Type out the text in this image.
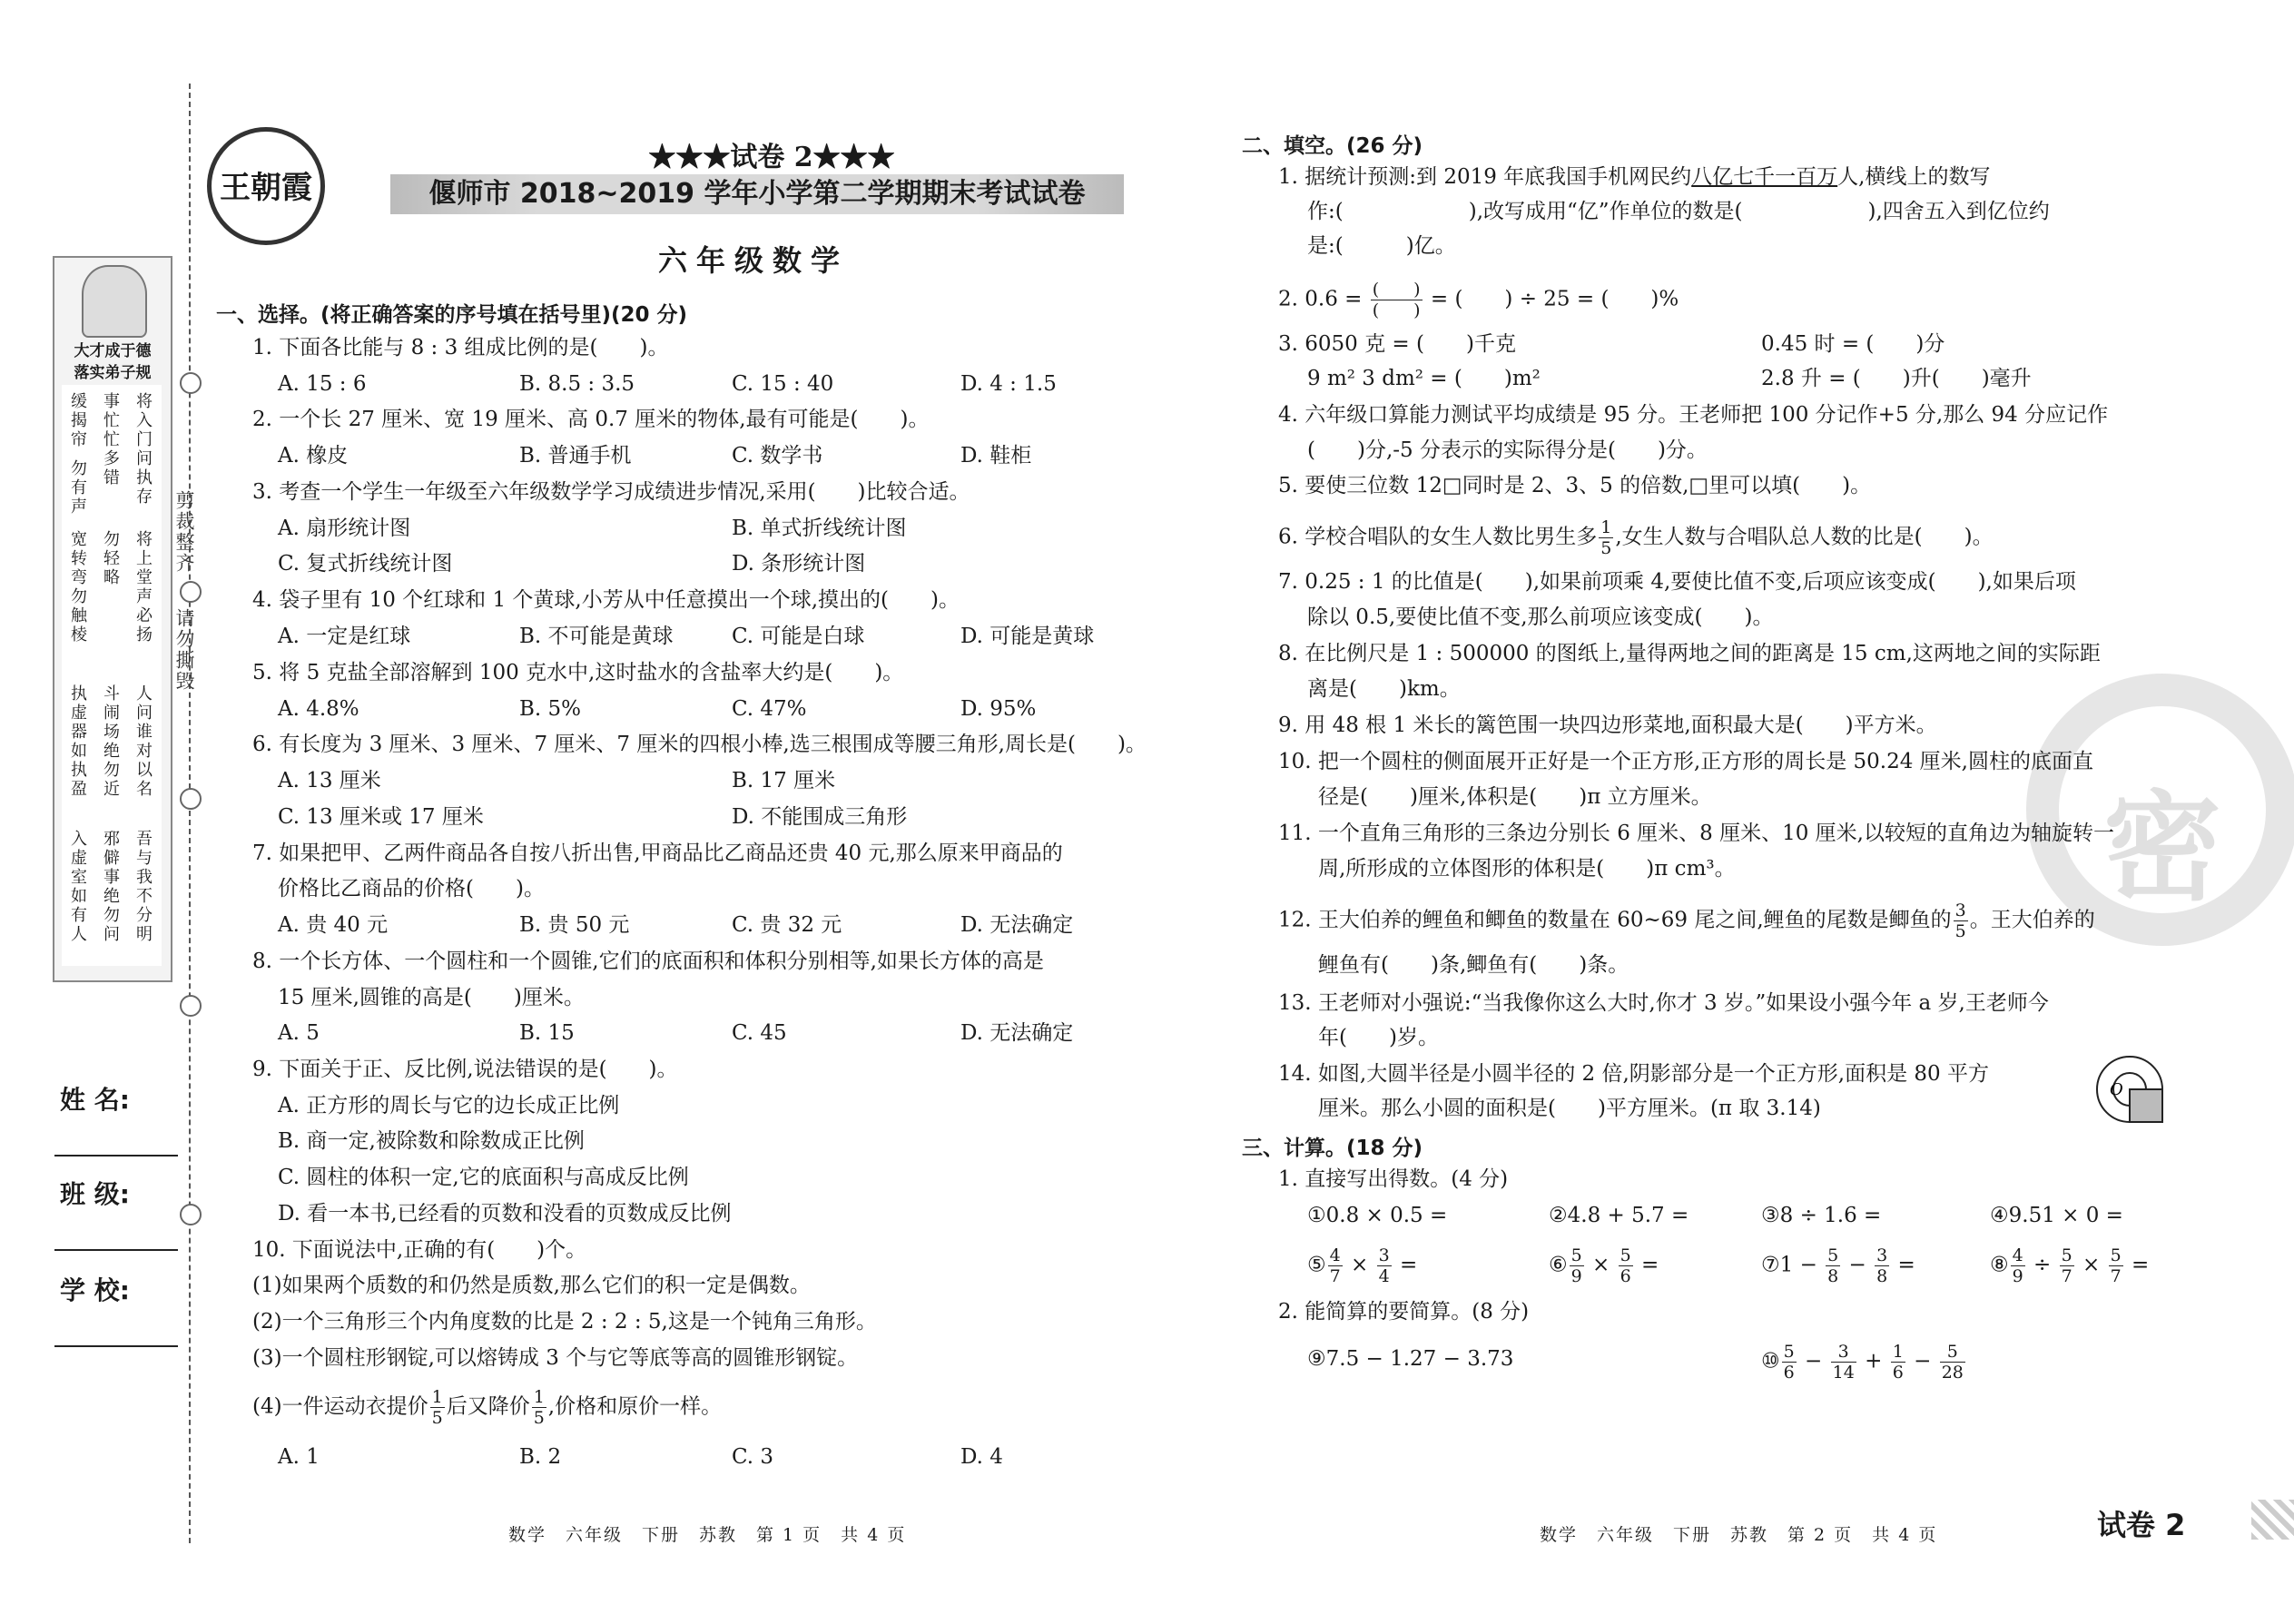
剪裁整齐
请勿撕毁
大才成于德
落实弟子规
将入门问执存
事忙忙多错
缓揭帘
勿有声
将上堂声必扬
勿轻略
宽转弯勿触棱
人问谁对以名
斗闹场绝勿近
执虚器如执盈
吾与我不分明
邪僻事绝勿问
入虚室如有人
姓 名:
班 级:
学 校:
王朝霞
★★★试卷 2★★★
偃师市 2018~2019 学年小学第二学期期末考试试卷
六年级数学
一、选择。(将正确答案的序号填在括号里)(20 分)
1. 下面各比能与 8 : 3 组成比例的是(　　)。
A. 15 : 6	B. 8.5 : 3.5	C. 15 : 40	D. 4 : 1.5
2. 一个长 27 厘米、宽 19 厘米、高 0.7 厘米的物体,最有可能是(　　)。
A. 橡皮	B. 普通手机	C. 数学书	D. 鞋柜
3. 考查一个学生一年级至六年级数学学习成绩进步情况,采用(　　)比较合适。
A. 扇形统计图	B. 单式折线统计图
C. 复式折线统计图	D. 条形统计图
4. 袋子里有 10 个红球和 1 个黄球,小芳从中任意摸出一个球,摸出的(　　)。
A. 一定是红球	B. 不可能是黄球	C. 可能是白球	D. 可能是黄球
5. 将 5 克盐全部溶解到 100 克水中,这时盐水的含盐率大约是(　　)。
A. 4.8%	B. 5%	C. 47%	D. 95%
6. 有长度为 3 厘米、3 厘米、7 厘米、7 厘米的四根小棒,选三根围成等腰三角形,周长是(　　)。
A. 13 厘米	B. 17 厘米
C. 13 厘米或 17 厘米	D. 不能围成三角形
7. 如果把甲、乙两件商品各自按八折出售,甲商品比乙商品还贵 40 元,那么原来甲商品的
价格比乙商品的价格(　　)。
A. 贵 40 元	B. 贵 50 元	C. 贵 32 元	D. 无法确定
8. 一个长方体、一个圆柱和一个圆锥,它们的底面积和体积分别相等,如果长方体的高是
15 厘米,圆锥的高是(　　)厘米。
A. 5	B. 15	C. 45	D. 无法确定
9. 下面关于正、反比例,说法错误的是(　　)。
A. 正方形的周长与它的边长成正比例
B. 商一定,被除数和除数成正比例
C. 圆柱的体积一定,它的底面积与高成反比例
D. 看一本书,已经看的页数和没看的页数成反比例
10. 下面说法中,正确的有(　　)个。
(1)如果两个质数的和仍然是质数,那么它们的积一定是偶数。
(2)一个三角形三个内角度数的比是 2 : 2 : 5,这是一个钝角三角形。
(3)一个圆柱形钢锭,可以熔铸成 3 个与它等底等高的圆锥形钢锭。
(4)一件运动衣提价 $\frac{1}{5}$ 后又降价 $\frac{1}{5}$ ,价格和原价一样。
A. 1	B. 2	C. 3	D. 4
数学　六年级　下册　苏教　第 1 页　共 4 页
密
二、填空。(26 分)
1. 据统计预测:到 2019 年底我国手机网民约八亿七千一百万人,横线上的数写
作:(　　　　　　),改写成用“亿”作单位的数是(　　　　　　),四舍五入到亿位约
是:(　　　)亿。
2. $0.6 = \frac{( )}{( )}$ = (　　) ÷ 25 = (　　)%
3. 6050 克 = (　　)千克	0.45 时 = (　　)分
9 m² 3 dm² = (　　)m²	2.8 升 = (　　)升(　　)毫升
4. 六年级口算能力测试平均成绩是 95 分。王老师把 100 分记作+5 分,那么 94 分应记作
(　　)分,-5 分表示的实际得分是(　　)分。
5. 要使三位数 12□同时是 2、3、5 的倍数,□里可以填(　　)。
6. 学校合唱队的女生人数比男生多 $\frac{1}{5}$ ,女生人数与合唱队总人数的比是(　　)。
7. 0.25 : 1 的比值是(　　),如果前项乘 4,要使比值不变,后项应该变成(　　),如果后项
除以 0.5,要使比值不变,那么前项应该变成(　　)。
8. 在比例尺是 1 : 500000 的图纸上,量得两地之间的距离是 15 cm,这两地之间的实际距
离是(　　)km。
9. 用 48 根 1 米长的篱笆围一块四边形菜地,面积最大是(　　)平方米。
10. 把一个圆柱的侧面展开正好是一个正方形,正方形的周长是 50.24 厘米,圆柱的底面直
径是(　　)厘米,体积是(　　)π 立方厘米。
11. 一个直角三角形的三条边分别长 6 厘米、8 厘米、10 厘米,以较短的直角边为轴旋转一
周,所形成的立体图形的体积是(　　)π cm³。
12. 王大伯养的鲤鱼和鲫鱼的数量在 60~69 尾之间,鲤鱼的尾数是鲫鱼的 $\frac{3}{5}$ 。王大伯养的
鲤鱼有(　　)条,鲫鱼有(　　)条。
13. 王老师对小强说:“当我像你这么大时,你才 3 岁。”如果设小强今年 a 岁,王老师今
年(　　)岁。
14. 如图,大圆半径是小圆半径的 2 倍,阴影部分是一个正方形,面积是 80 平方
厘米。那么小圆的面积是(　　)平方厘米。(π 取 3.14)
O
三、计算。(18 分)
1. 直接写出得数。(4 分)
①0.8 × 0.5 =	②4.8 + 5.7 =	③8 ÷ 1.6 =	④9.51 × 0 =
⑤ $\frac{4}{7} \times \frac{3}{4}$ =	⑥ $\frac{5}{9} \times \frac{5}{6}$ =	⑦1 − $\frac{5}{8} - \frac{3}{8}$ =	⑧ $\frac{4}{9} \div \frac{5}{7} \times \frac{5}{7}$ =
2. 能简算的要简算。(8 分)
⑨7.5 − 1.27 − 3.73	⑩ $\frac{5}{6} - \frac{3}{14} + \frac{1}{6} - \frac{5}{28}$
数学　六年级　下册　苏教　第 2 页　共 4 页	试卷 2
